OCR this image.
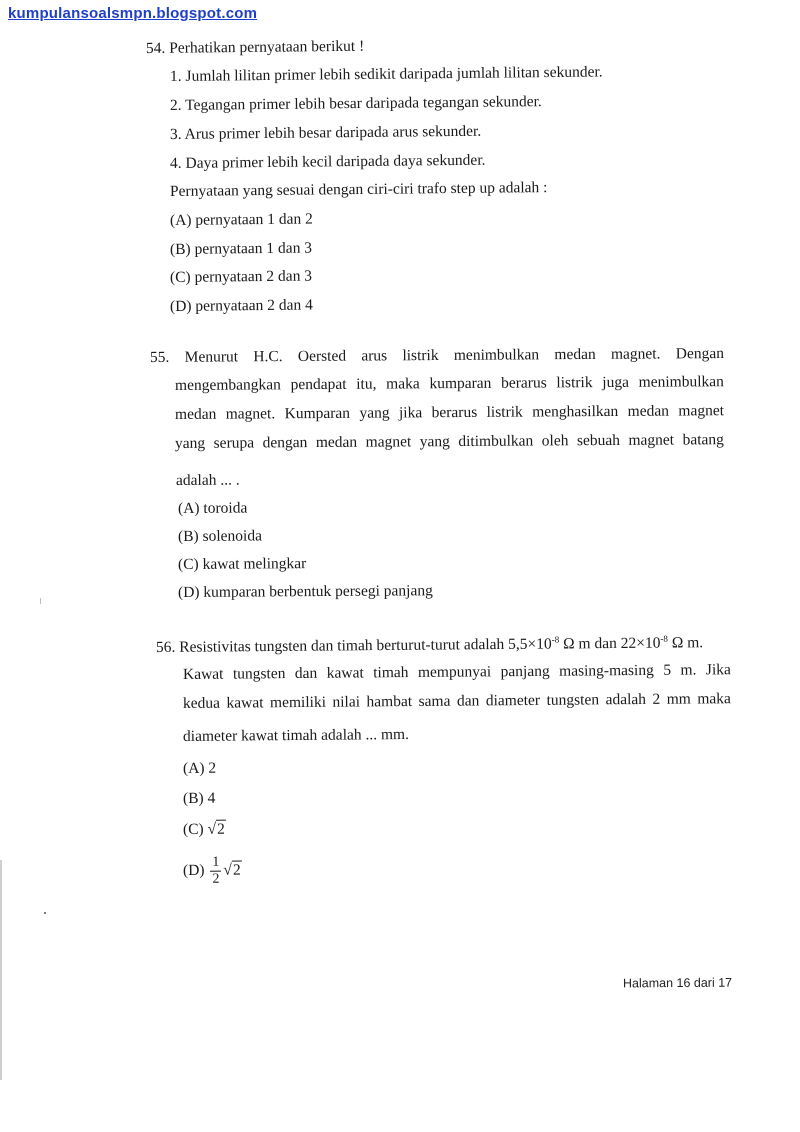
kumpulansoalsmpn.blogspot.com
54. Perhatikan pernyataan berikut !
1. Jumlah lilitan primer lebih sedikit daripada jumlah lilitan sekunder.
2. Tegangan primer lebih besar daripada tegangan sekunder.
3. Arus primer lebih besar daripada arus sekunder.
4. Daya primer lebih kecil daripada daya sekunder.
Pernyataan yang sesuai dengan ciri-ciri trafo step up adalah :
(A) pernyataan 1 dan 2
(B) pernyataan 1 dan 3
(C) pernyataan 2 dan 3
(D) pernyataan 2 dan 4
55. Menurut H.C. Oersted arus listrik menimbulkan medan magnet. Dengan
mengembangkan pendapat itu, maka kumparan berarus listrik juga menimbulkan
medan magnet. Kumparan yang jika berarus listrik menghasilkan medan magnet
yang serupa dengan medan magnet yang ditimbulkan oleh sebuah magnet batang
adalah ... .
(A) toroida
(B) solenoida
(C) kawat melingkar
(D) kumparan berbentuk persegi panjang
56. Resistivitas tungsten dan timah berturut-turut adalah $5,5\times 10^{-8}$ Ω m dan $22\times 10^{-8}$ Ω m.
Kawat tungsten dan kawat timah mempunyai panjang masing-masing 5 m. Jika
kedua kawat memiliki nilai hambat sama dan diameter tungsten adalah 2 mm maka
diameter kawat timah adalah ... mm.
(A) 2
(B) 4
(C) √2
$(D) \frac{1}{2} √2$
Halaman 16 dari 17
